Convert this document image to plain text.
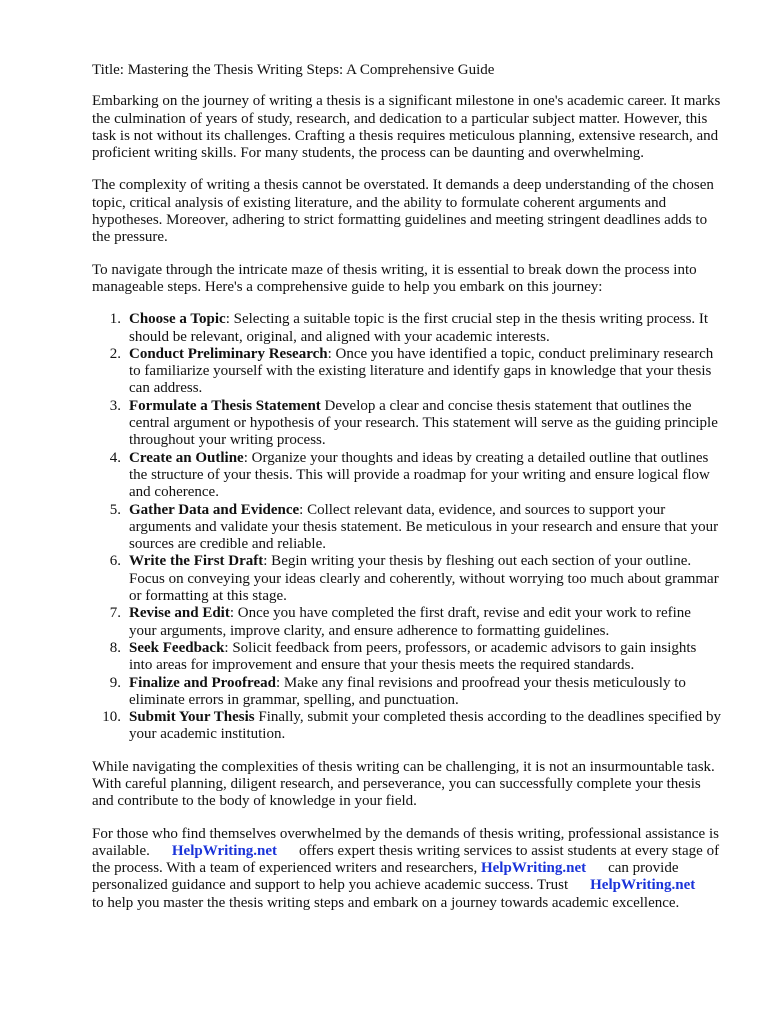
Title: Mastering the Thesis Writing Steps: A Comprehensive Guide

Embarking on the journey of writing a thesis is a significant milestone in one's academic career. It marks the culmination of years of study, research, and dedication to a particular subject matter. However, this task is not without its challenges. Crafting a thesis requires meticulous planning, extensive research, and proficient writing skills. For many students, the process can be daunting and overwhelming.

The complexity of writing a thesis cannot be overstated. It demands a deep understanding of the chosen topic, critical analysis of existing literature, and the ability to formulate coherent arguments and hypotheses. Moreover, adhering to strict formatting guidelines and meeting stringent deadlines adds to the pressure.

To navigate through the intricate maze of thesis writing, it is essential to break down the process into manageable steps. Here's a comprehensive guide to help you embark on this journey:

1. Choose a Topic: Selecting a suitable topic is the first crucial step in the thesis writing process. It should be relevant, original, and aligned with your academic interests.
2. Conduct Preliminary Research: Once you have identified a topic, conduct preliminary research to familiarize yourself with the existing literature and identify gaps in knowledge that your thesis can address.
3. Formulate a Thesis Statement Develop a clear and concise thesis statement that outlines the central argument or hypothesis of your research. This statement will serve as the guiding principle throughout your writing process.
4. Create an Outline: Organize your thoughts and ideas by creating a detailed outline that outlines the structure of your thesis. This will provide a roadmap for your writing and ensure logical flow and coherence.
5. Gather Data and Evidence: Collect relevant data, evidence, and sources to support your arguments and validate your thesis statement. Be meticulous in your research and ensure that your sources are credible and reliable.
6. Write the First Draft: Begin writing your thesis by fleshing out each section of your outline. Focus on conveying your ideas clearly and coherently, without worrying too much about grammar or formatting at this stage.
7. Revise and Edit: Once you have completed the first draft, revise and edit your work to refine your arguments, improve clarity, and ensure adherence to formatting guidelines.
8. Seek Feedback: Solicit feedback from peers, professors, or academic advisors to gain insights into areas for improvement and ensure that your thesis meets the required standards.
9. Finalize and Proofread: Make any final revisions and proofread your thesis meticulously to eliminate errors in grammar, spelling, and punctuation.
10. Submit Your Thesis Finally, submit your completed thesis according to the deadlines specified by your academic institution.

While navigating the complexities of thesis writing can be challenging, it is not an insurmountable task. With careful planning, diligent research, and perseverance, you can successfully complete your thesis and contribute to the body of knowledge in your field.

For those who find themselves overwhelmed by the demands of thesis writing, professional assistance is available. HelpWriting.net offers expert thesis writing services to assist students at every stage of the process. With a team of experienced writers and researchers, HelpWriting.net can provide personalized guidance and support to help you achieve academic success. Trust HelpWriting.netto help you master the thesis writing steps and embark on a journey towards academic excellence.
